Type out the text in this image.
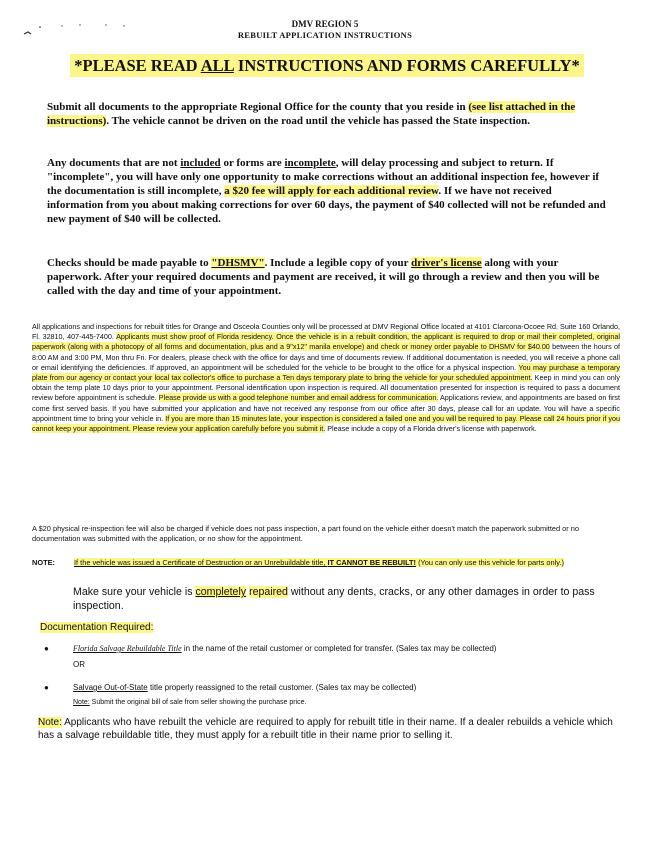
DMV REGION 5
REBUILT APPLICATION INSTRUCTIONS
*PLEASE READ ALL INSTRUCTIONS AND FORMS CAREFULLY*
Submit all documents to the appropriate Regional Office for the county that you reside in (see list attached in the instructions). The vehicle cannot be driven on the road until the vehicle has passed the State inspection.
Any documents that are not included or forms are incomplete, will delay processing and subject to return. If "incomplete", you will have only one opportunity to make corrections without an additional inspection fee, however if the documentation is still incomplete, a $20 fee will apply for each additional review. If we have not received information from you about making corrections for over 60 days, the payment of $40 collected will not be refunded and new payment of $40 will be collected.
Checks should be made payable to "DHSMV". Include a legible copy of your driver's license along with your paperwork. After your required documents and payment are received, it will go through a review and then you will be called with the day and time of your appointment.
All applications and inspections for rebuilt titles for Orange and Osceola Counties only will be processed at DMV Regional Office located at 4101 Clarcona-Ocoee Rd. Suite 160 Orlando, Fl. 32810, 407-445-7400. Applicants must show proof of Florida residency. Once the vehicle is in a rebuilt condition, the applicant is required to drop or mail their completed, original paperwork (along with a photocopy of all forms and documentation, plus and a 9"x12" manila envelope) and check or money order payable to DHSMV for $40.00 between the hours of 8:00 AM and 3:00 PM, Mon thru Fri. For dealers, please check with the office for days and time of documents review. If additional documentation is needed, you will receive a phone call or email identifying the deficiencies. If approved, an appointment will be scheduled for the vehicle to be brought to the office for a physical inspection. You may purchase a temporary plate from our agency or contact your local tax collector's office to purchase a Ten days temporary plate to bring the vehicle for your scheduled appointment. Keep in mind you can only obtain the temp plate 10 days prior to your appointment. Personal identification upon inspection is required. All documentation presented for inspection is required to pass a document review before appointment is schedule. Please provide us with a good telephone number and email address for communication. Applications review, and appointments are based on first come first served basis. If you have submitted your application and have not received any response from our office after 30 days, please call for an update. You will have a specific appointment time to bring your vehicle in. If you are more than 15 minutes late, your inspection is considered a failed one and you will be required to pay. Please call 24 hours prior if you cannot keep your appointment. Please review your application carefully before you submit it. Please include a copy of a Florida driver's license with paperwork.
A $20 physical re-inspection fee will also be charged if vehicle does not pass inspection, a part found on the vehicle either doesn't match the paperwork submitted or no documentation was submitted with the application, or no show for the appointment.
NOTE:	If the vehicle was issued a Certificate of Destruction or an Unrebuildable title, IT CANNOT BE REBUILT! (You can only use this vehicle for parts only.)
Make sure your vehicle is completely repaired without any dents, cracks, or any other damages in order to pass inspection.
Documentation Required:
●	Florida Salvage Rebuildable Title in the name of the retail customer or completed for transfer. (Sales tax may be collected)
OR
●	Salvage Out-of-State title properly reassigned to the retail customer. (Sales tax may be collected)
Note: Submit the original bill of sale from seller showing the purchase price.
Note: Applicants who have rebuilt the vehicle are required to apply for rebuilt title in their name. If a dealer rebuilds a vehicle which has a salvage rebuildable title, they must apply for a rebuilt title in their name prior to selling it.
